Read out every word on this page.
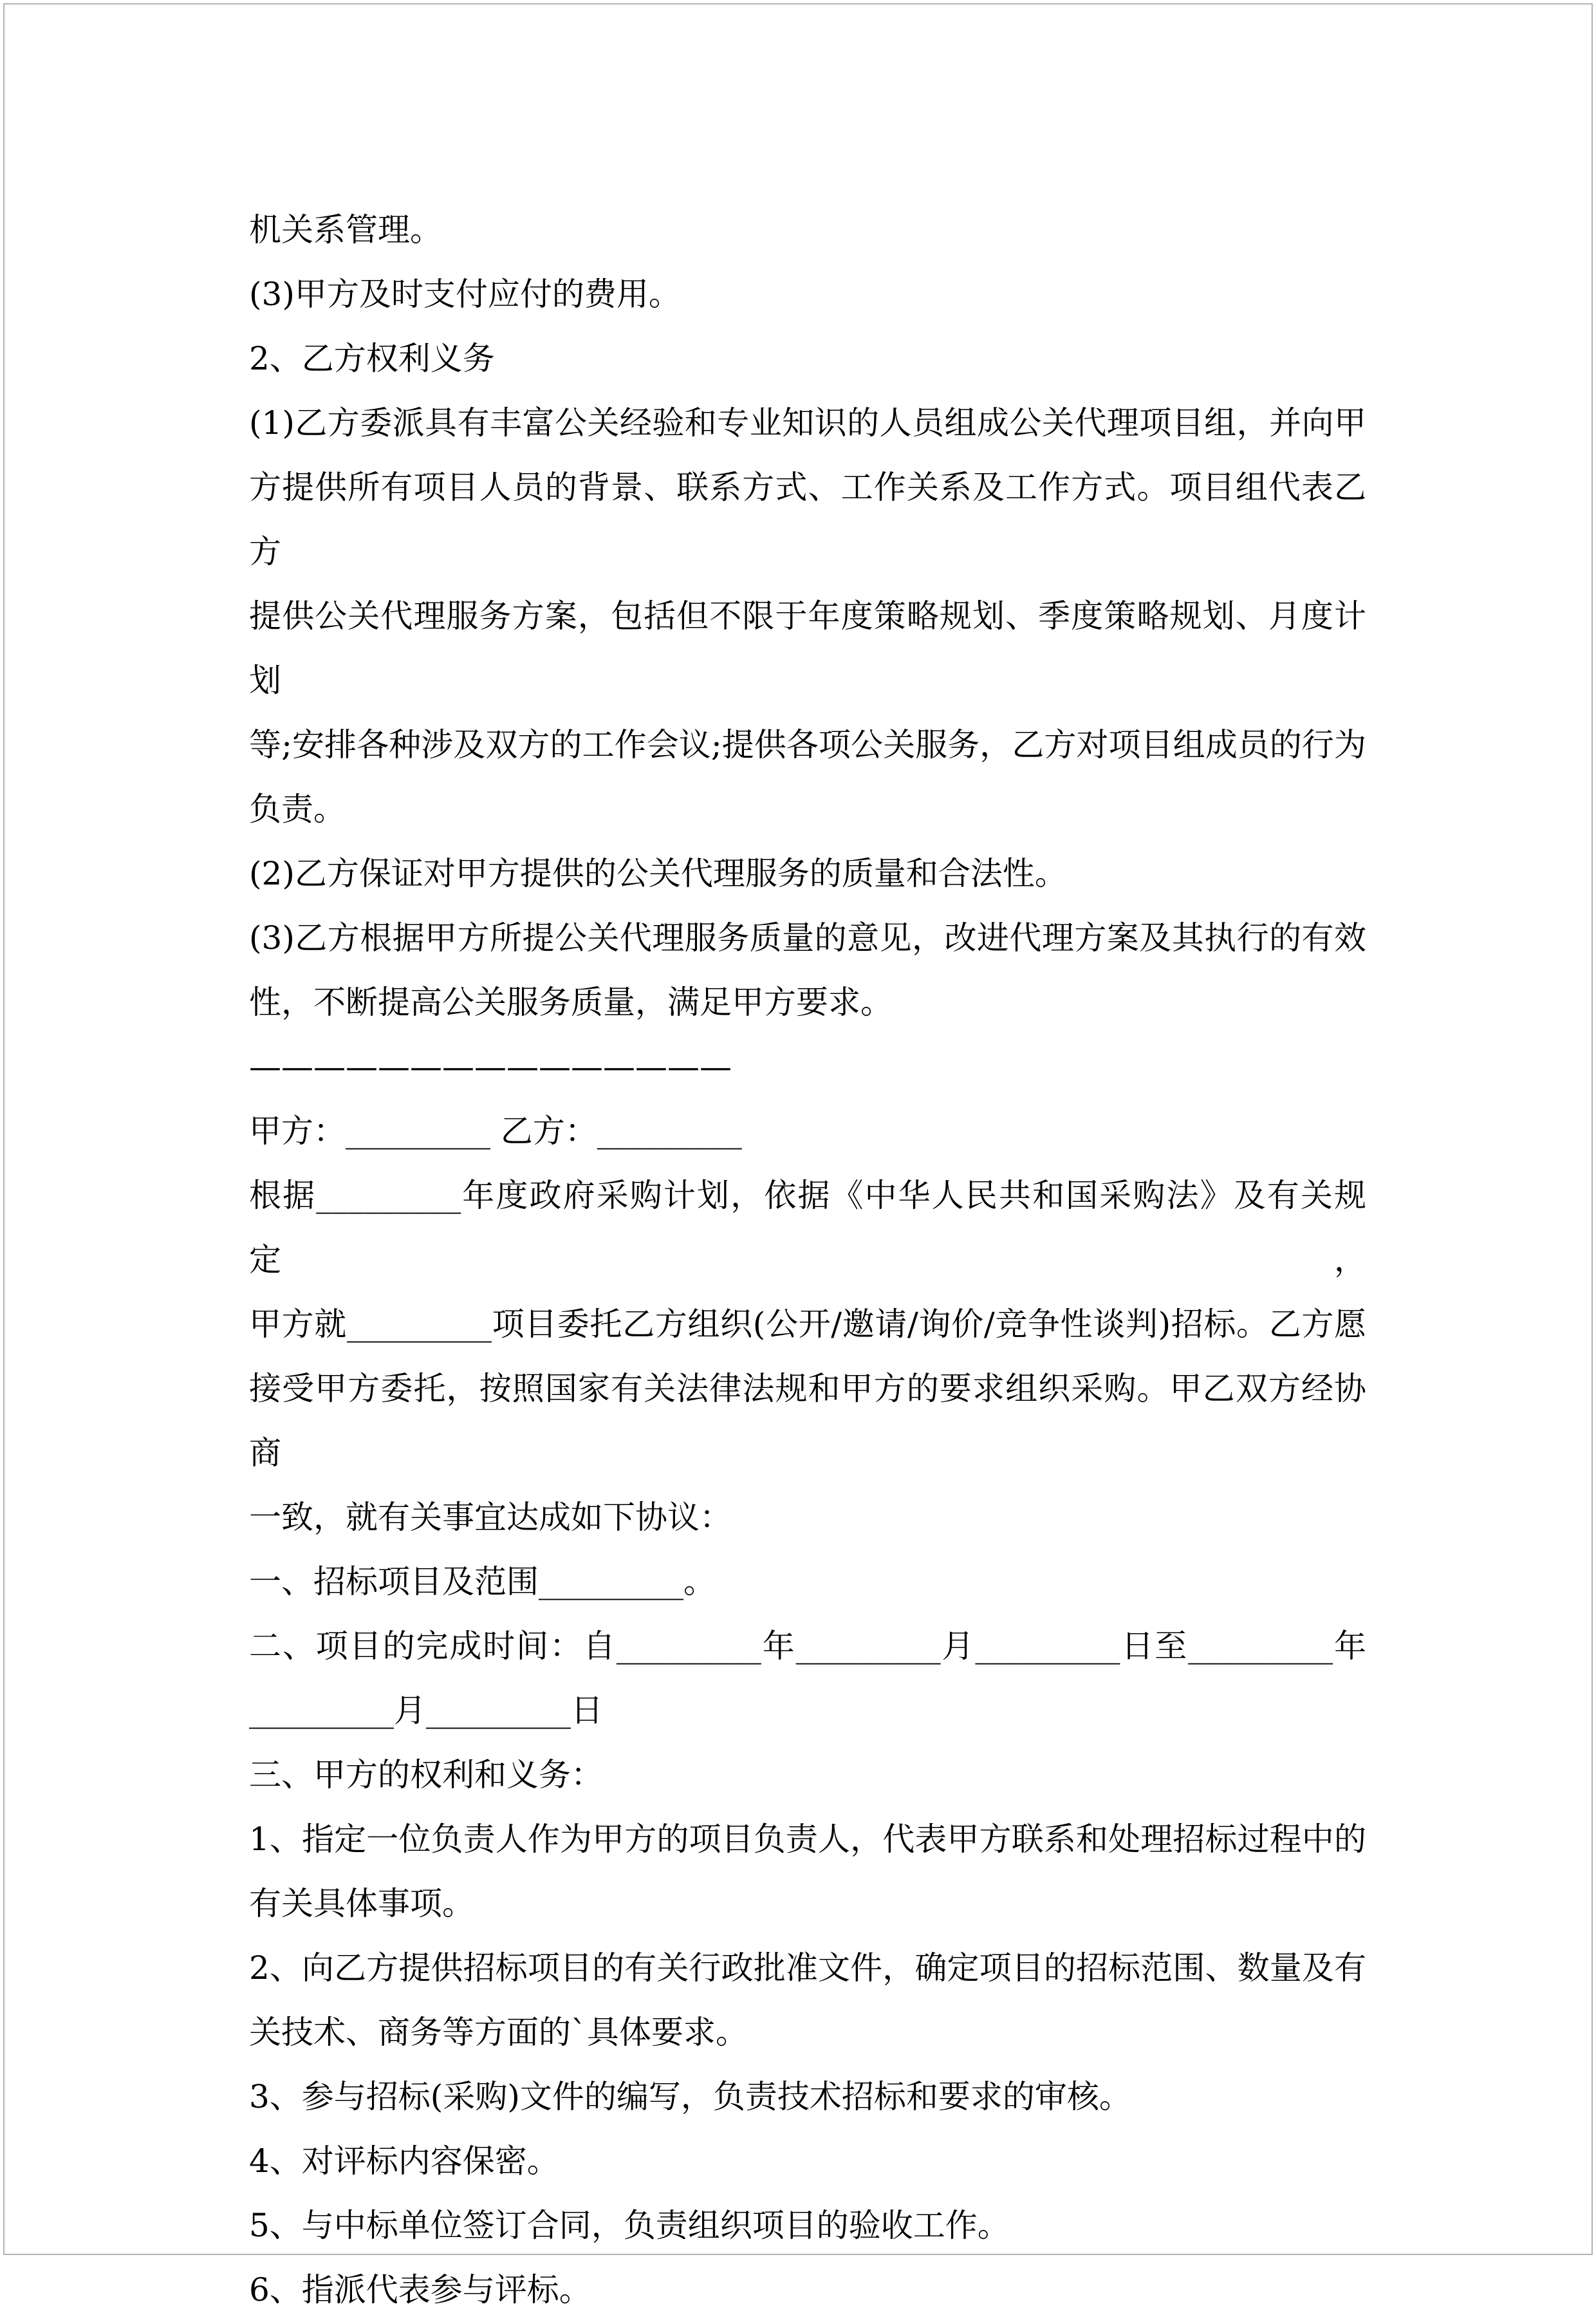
机关系管理。

(3)甲方及时支付应付的费用。

2、乙方权利义务

(1)乙方委派具有丰富公关经验和专业知识的人员组成公关代理项目组，并向甲

方提供所有项目人员的背景、联系方式、工作关系及工作方式。项目组代表乙方

提供公关代理服务方案，包括但不限于年度策略规划、季度策略规划、月度计划

等;安排各种涉及双方的工作会议;提供各项公关服务，乙方对项目组成员的行为

负责。

(2)乙方保证对甲方提供的公关代理服务的质量和合法性。

(3)乙方根据甲方所提公关代理服务质量的意见，改进代理方案及其执行的有效

性，不断提高公关服务质量，满足甲方要求。

———————————————

甲方：_________ 乙方：_________

根据_________年度政府采购计划，依据《中华人民共和国采购法》及有关规定，

甲方就_________项目委托乙方组织(公开/邀请/询价/竞争性谈判)招标。乙方愿

接受甲方委托，按照国家有关法律法规和甲方的要求组织采购。甲乙双方经协商

一致，就有关事宜达成如下协议：

一、招标项目及范围_________。

二、项目的完成时间：自_________年_________月_________日至_________年

_________月_________日

三、甲方的权利和义务：

1、指定一位负责人作为甲方的项目负责人，代表甲方联系和处理招标过程中的

有关具体事项。

2、向乙方提供招标项目的有关行政批准文件，确定项目的招标范围、数量及有

关技术、商务等方面的`具体要求。

3、参与招标(采购)文件的编写，负责技术招标和要求的审核。

4、对评标内容保密。

5、与中标单位签订合同，负责组织项目的验收工作。

6、指派代表参与评标。
